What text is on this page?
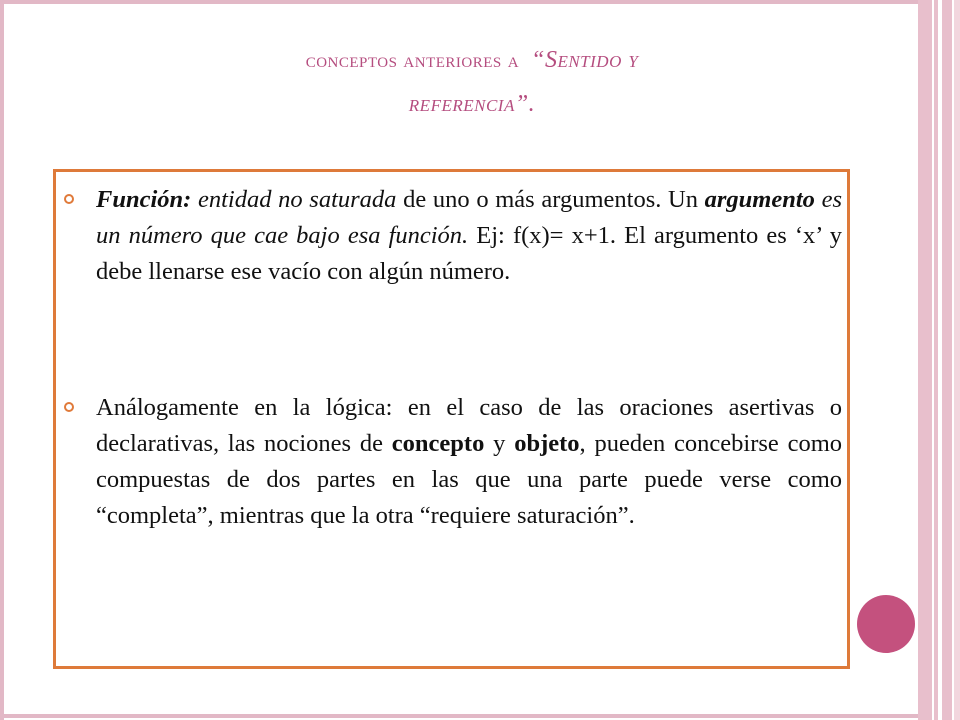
conceptos anteriores a “Sentido y
referencia”.
Función: entidad no saturada de uno o más argumentos. Un argumento es un número que cae bajo esa función. Ej: f(x)= x+1. El argumento es ‘x’ y debe llenarse ese vacío con algún número.
Análogamente en la lógica: en el caso de las oraciones asertivas o declarativas, las nociones de concepto y objeto, pueden concebirse como compuestas de dos partes en las que una parte puede verse como “completa”, mientras que la otra “requiere saturación”.
